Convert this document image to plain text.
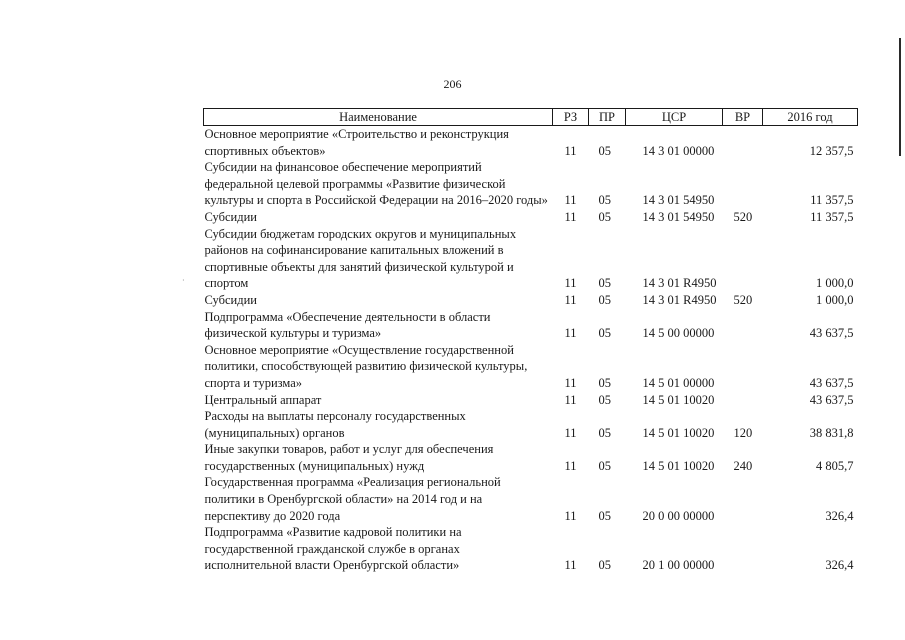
206
·
Наименование	РЗ	ПР	ЦСР	ВР	2016 год
Основное мероприятие «Строительство и реконструкция спортивных объектов»	11	05	14 3 01 00000		12 357,5
Субсидии на финансовое обеспечение мероприятий федеральной целевой программы «Развитие физической культуры и спорта в Российской Федерации на 2016–2020 годы»	11	05	14 3 01 54950		11 357,5
Субсидии	11	05	14 3 01 54950	520	11 357,5
Субсидии бюджетам городских округов и муниципальных районов на софинансирование капитальных вложений в спортивные объекты для занятий физической культурой и спортом	11	05	14 3 01 R4950		1 000,0
Субсидии	11	05	14 3 01 R4950	520	1 000,0
Подпрограмма «Обеспечение деятельности в области физической культуры и туризма»	11	05	14 5 00 00000		43 637,5
Основное мероприятие «Осуществление государственной политики, способствующей развитию физической культуры, спорта и туризма»	11	05	14 5 01 00000		43 637,5
Центральный аппарат	11	05	14 5 01 10020		43 637,5
Расходы на выплаты персоналу государственных (муниципальных) органов	11	05	14 5 01 10020	120	38 831,8
Иные закупки товаров, работ и услуг для обеспечения государственных (муниципальных) нужд	11	05	14 5 01 10020	240	4 805,7
Государственная программа «Реализация региональной политики в Оренбургской области» на 2014 год и на перспективу до 2020 года	11	05	20 0 00 00000		326,4
Подпрограмма «Развитие кадровой политики на государственной гражданской службе в органах исполнительной власти Оренбургской области»	11	05	20 1 00 00000		326,4
